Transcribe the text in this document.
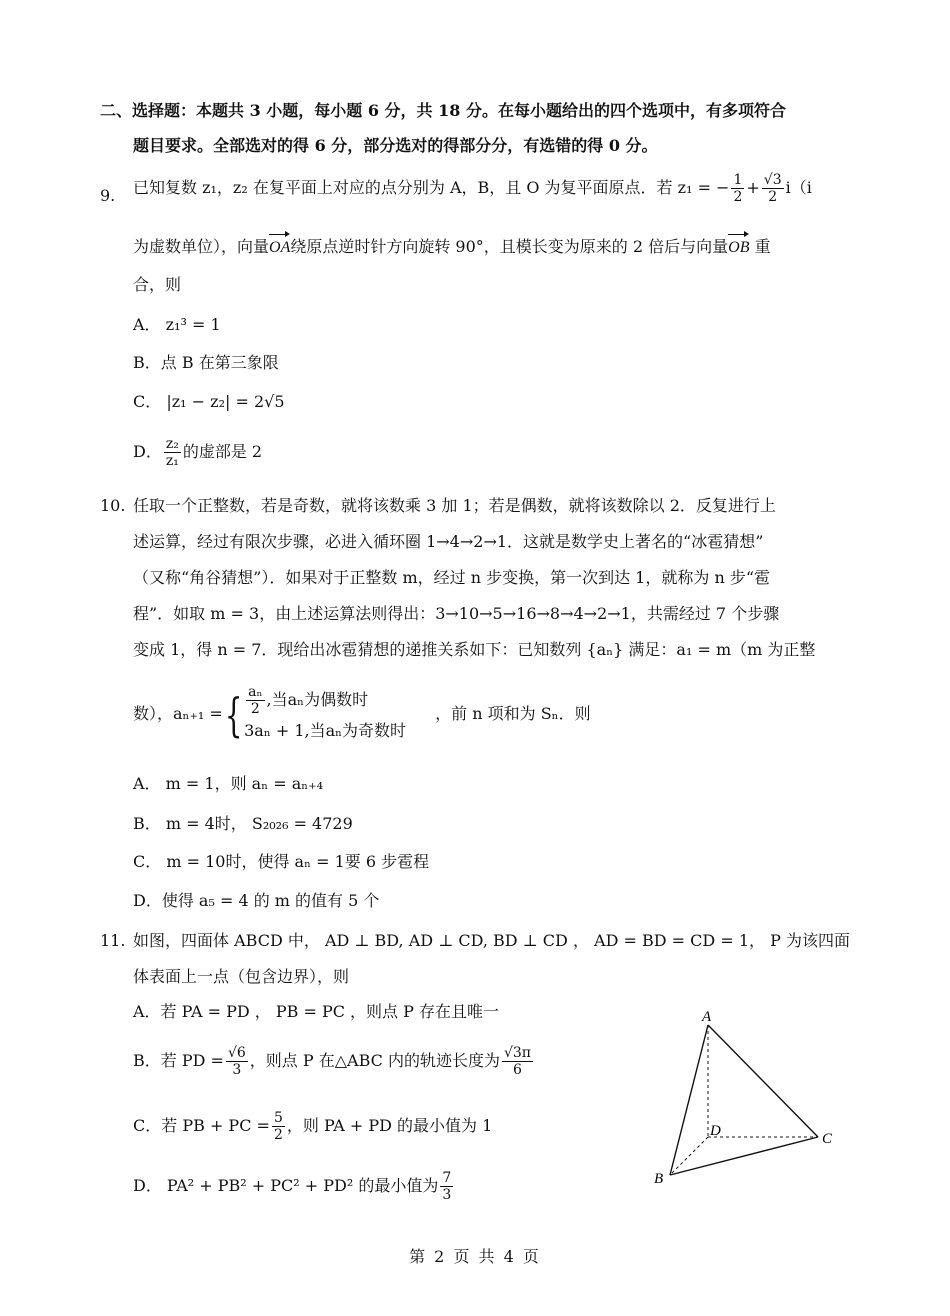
二、选择题：本题共 3 小题，每小题 6 分，共 18 分。在每小题给出的四个选项中，有多项符合
题目要求。全部选对的得 6 分，部分选对的得部分分，有选错的得 0 分。
9. 已知复数 z₁，z₂ 在复平面上对应的点分别为 A，B，且 O 为复平面原点．若 z₁ = − $\frac{1}{2} + \frac{√3}{2} i(i$
为虚数单位），向量OA绕原点逆时针方向旋转 90°，且模长变为原来的 2 倍后与向量OB 重
合，则
A． z₁³ = 1
B．点 B 在第三象限
C． |z₁ − z₂| = 2√5
D． $\frac{\text{z₂}}{\text{z₁}}$ 的虚部是 2
10. 任取一个正整数，若是奇数，就将该数乘 3 加 1；若是偶数，就将该数除以 2．反复进行上
述运算，经过有限次步骤，必进入循环圈 1→4→2→1．这就是数学史上著名的“冰雹猜想”
（又称“角谷猜想”）．如果对于正整数 m，经过 n 步变换，第一次到达 1，就称为 n 步“雹
程”．如取 m = 3，由上述运算法则得出：3→10→5→16→8→4→2→1，共需经过 7 个步骤
变成 1，得 n = 7．现给出冰雹猜想的递推关系如下：已知数列 {aₙ} 满足：a₁ = m（m 为正整
数），aₙ₊₁ ={ $\frac{\text{aₙ}}{2}$ ,当aₙ为偶数时
3aₙ + 1,当aₙ为奇数时
，前 n 项和为 Sₙ．则
A． m = 1，则 aₙ = aₙ₊₄
B． m = 4时， S₂₀₂₆ = 4729
C． m = 10时，使得 aₙ = 1要 6 步雹程
D．使得 a₅ = 4 的 m 的值有 5 个
11. 如图，四面体 ABCD 中， AD ⊥ BD, AD ⊥ CD, BD ⊥ CD ， AD = BD = CD = 1， P 为该四面
体表面上一点（包含边界），则
A．若 PA = PD ， PB = PC ，则点 P 存在且唯一
B．若 PD = $\frac{√6}{3}$ ，则点 P 在△ABC 内的轨迹长度为 $\frac{√3\pi}{6}$
C．若 PB + PC = $\frac{5}{2}$ ，则 PA + PD 的最小值为 1
D． PA² + PB² + PC² + PD² 的最小值为 $\frac{7}{3}$
A
B
C
D
第 2 页 共 4 页
